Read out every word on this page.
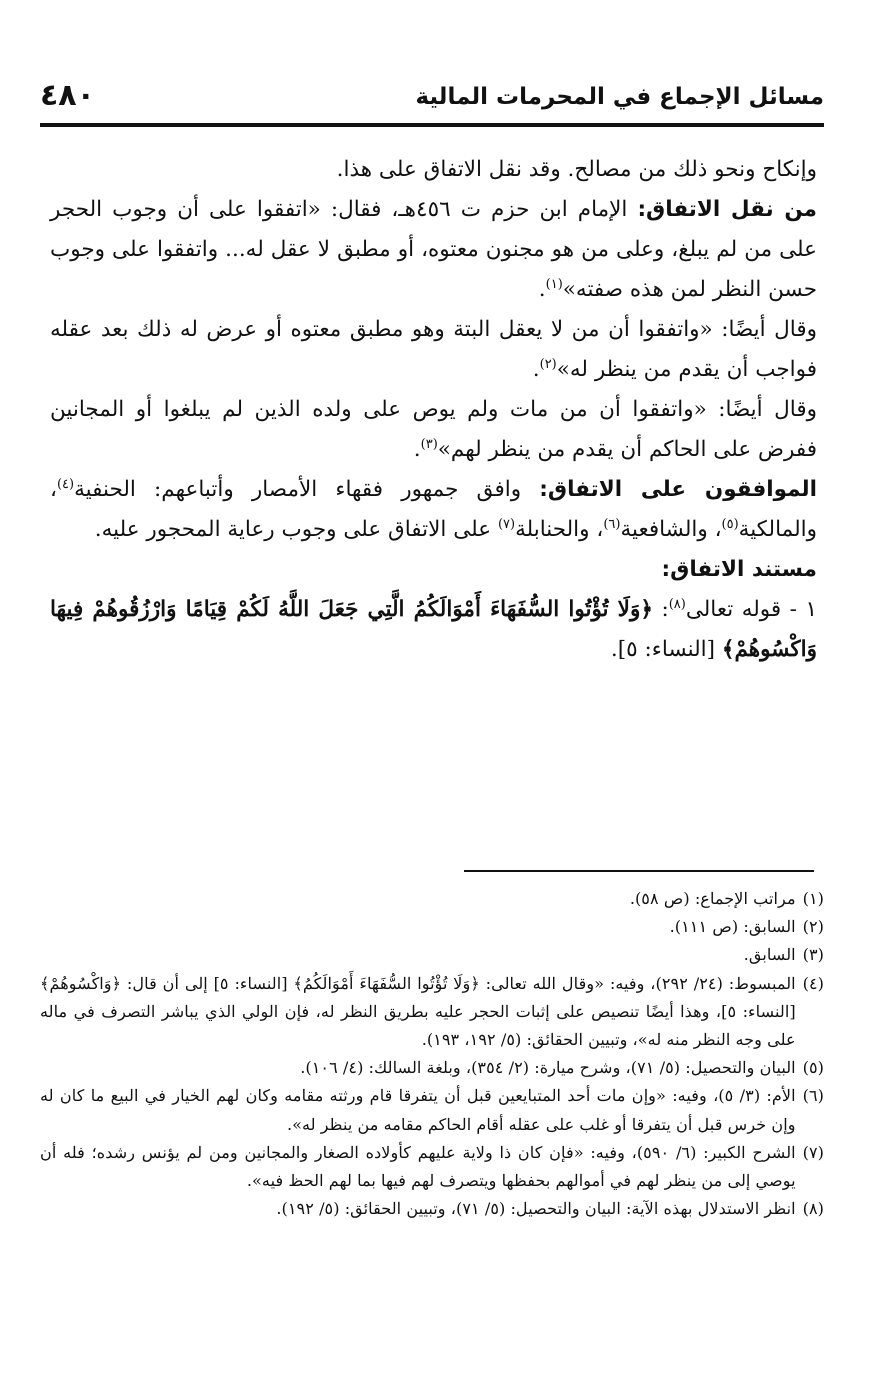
مسائل الإجماع في المحرمات المالية
٤٨٠

وإنكاح ونحو ذلك من مصالح. وقد نقل الاتفاق على هذا.

من نقل الاتفاق: الإمام ابن حزم ت ٤٥٦هـ، فقال: «اتفقوا على أن وجوب الحجر على من لم يبلغ، وعلى من هو مجنون معتوه، أو مطبق لا عقل له... واتفقوا على وجوب حسن النظر لمن هذه صفته»$^{(١)}$.

وقال أيضًا: «واتفقوا أن من لا يعقل البتة وهو مطبق معتوه أو عرض له ذلك بعد عقله فواجب أن يقدم من ينظر له»$^{(٢)}$.

وقال أيضًا: «واتفقوا أن من مات ولم يوص على ولده الذين لم يبلغوا أو المجانين ففرض على الحاكم أن يقدم من ينظر لهم»$^{(٣)}$.

الموافقون على الاتفاق: وافق جمهور فقهاء الأمصار وأتباعهم: الحنفية$^{(٤)}$، والمالكية$^{(٥)}$، والشافعية$^{(٦)}$، والحنابلة$^{(٧)}$ على الاتفاق على وجوب رعاية المحجور عليه.

مستند الاتفاق:

١ - قوله تعالى$^{(٨)}$: ﴿وَلَا تُؤْتُوا السُّفَهَاءَ أَمْوَالَكُمُ الَّتِي جَعَلَ اللَّهُ لَكُمْ قِيَامًا وَارْزُقُوهُمْ فِيهَا وَاكْسُوهُمْ﴾ [النساء: ٥].

(١)
مراتب الإجماع: (ص ٥٨).

(٢)
السابق: (ص ١١١).

(٣)
السابق.

(٤)
المبسوط: (٢٤/ ٢٩٢)، وفيه: «وقال الله تعالى: ﴿وَلَا تُؤْتُوا السُّفَهَاءَ أَمْوَالَكُمُ﴾ [النساء: ٥] إلى أن قال: ﴿وَاكْسُوهُمْ﴾ [النساء: ٥]، وهذا أيضًا تنصيص على إثبات الحجر عليه بطريق النظر له، فإن الولي الذي يباشر التصرف في ماله على وجه النظر منه له»، وتبيين الحقائق: (٥/ ١٩٢، ١٩٣).

(٥)
البيان والتحصيل: (٥/ ٧١)، وشرح ميارة: (٢/ ٣٥٤)، وبلغة السالك: (٤/ ١٠٦).

(٦)
الأم: (٣/ ٥)، وفيه: «وإن مات أحد المتبايعين قبل أن يتفرقا قام ورثته مقامه وكان لهم الخيار في البيع ما كان له وإن خرس قبل أن يتفرقا أو غلب على عقله أقام الحاكم مقامه من ينظر له».

(٧)
الشرح الكبير: (٦/ ٥٩٠)، وفيه: «فإن كان ذا ولاية عليهم كأولاده الصغار والمجانين ومن لم يؤنس رشده؛ فله أن يوصي إلى من ينظر لهم في أموالهم بحفظها ويتصرف لهم فيها بما لهم الحظ فيه».

(٨)
انظر الاستدلال بهذه الآية: البيان والتحصيل: (٥/ ٧١)، وتبيين الحقائق: (٥/ ١٩٢).
